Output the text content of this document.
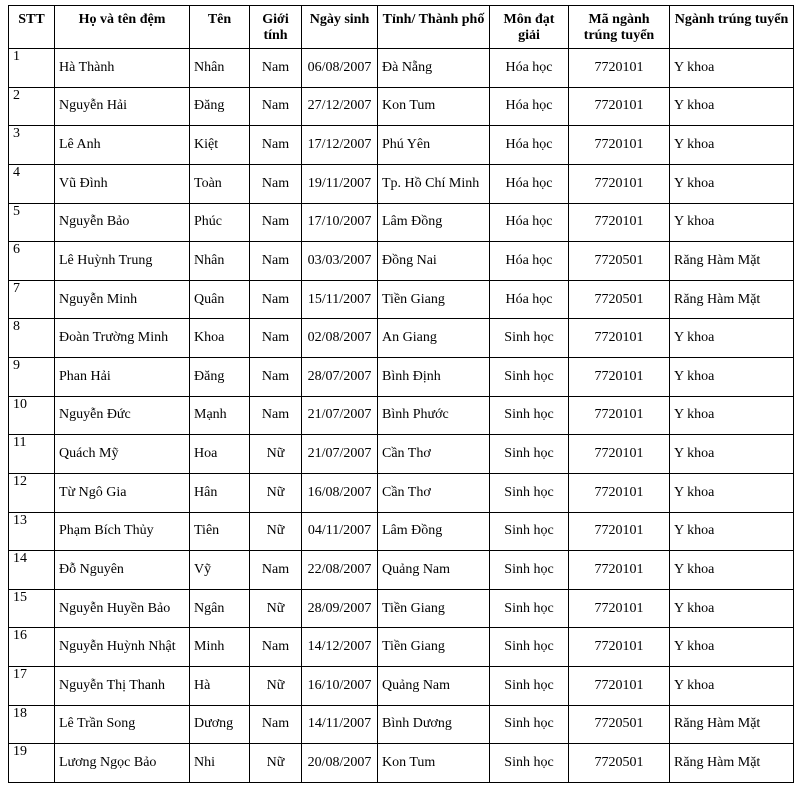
STT	Họ và tên đệm	Tên	Giới tính	Ngày sinh	Tỉnh/ Thành phố	Môn đạt giải	Mã ngành trúng tuyển	Ngành trúng tuyển
1	Hà Thành	Nhân	Nam	06/08/2007	Đà Nẵng	Hóa học	7720101	Y khoa
2	Nguyễn Hải	Đăng	Nam	27/12/2007	Kon Tum	Hóa học	7720101	Y khoa
3	Lê Anh	Kiệt	Nam	17/12/2007	Phú Yên	Hóa học	7720101	Y khoa
4	Vũ Đình	Toàn	Nam	19/11/2007	Tp. Hồ Chí Minh	Hóa học	7720101	Y khoa
5	Nguyễn Bảo	Phúc	Nam	17/10/2007	Lâm Đồng	Hóa học	7720101	Y khoa
6	Lê Huỳnh Trung	Nhân	Nam	03/03/2007	Đồng Nai	Hóa học	7720501	Răng Hàm Mặt
7	Nguyễn Minh	Quân	Nam	15/11/2007	Tiền Giang	Hóa học	7720501	Răng Hàm Mặt
8	Đoàn Trường Minh	Khoa	Nam	02/08/2007	An Giang	Sinh học	7720101	Y khoa
9	Phan Hải	Đăng	Nam	28/07/2007	Bình Định	Sinh học	7720101	Y khoa
10	Nguyễn Đức	Mạnh	Nam	21/07/2007	Bình Phước	Sinh học	7720101	Y khoa
11	Quách Mỹ	Hoa	Nữ	21/07/2007	Cần Thơ	Sinh học	7720101	Y khoa
12	Từ Ngô Gia	Hân	Nữ	16/08/2007	Cần Thơ	Sinh học	7720101	Y khoa
13	Phạm Bích Thủy	Tiên	Nữ	04/11/2007	Lâm Đồng	Sinh học	7720101	Y khoa
14	Đỗ Nguyên	Vỹ	Nam	22/08/2007	Quảng Nam	Sinh học	7720101	Y khoa
15	Nguyễn Huyền Bảo	Ngân	Nữ	28/09/2007	Tiền Giang	Sinh học	7720101	Y khoa
16	Nguyễn Huỳnh Nhật	Minh	Nam	14/12/2007	Tiền Giang	Sinh học	7720101	Y khoa
17	Nguyễn Thị Thanh	Hà	Nữ	16/10/2007	Quảng Nam	Sinh học	7720101	Y khoa
18	Lê Trần Song	Dương	Nam	14/11/2007	Bình Dương	Sinh học	7720501	Răng Hàm Mặt
19	Lương Ngọc Bảo	Nhi	Nữ	20/08/2007	Kon Tum	Sinh học	7720501	Răng Hàm Mặt
